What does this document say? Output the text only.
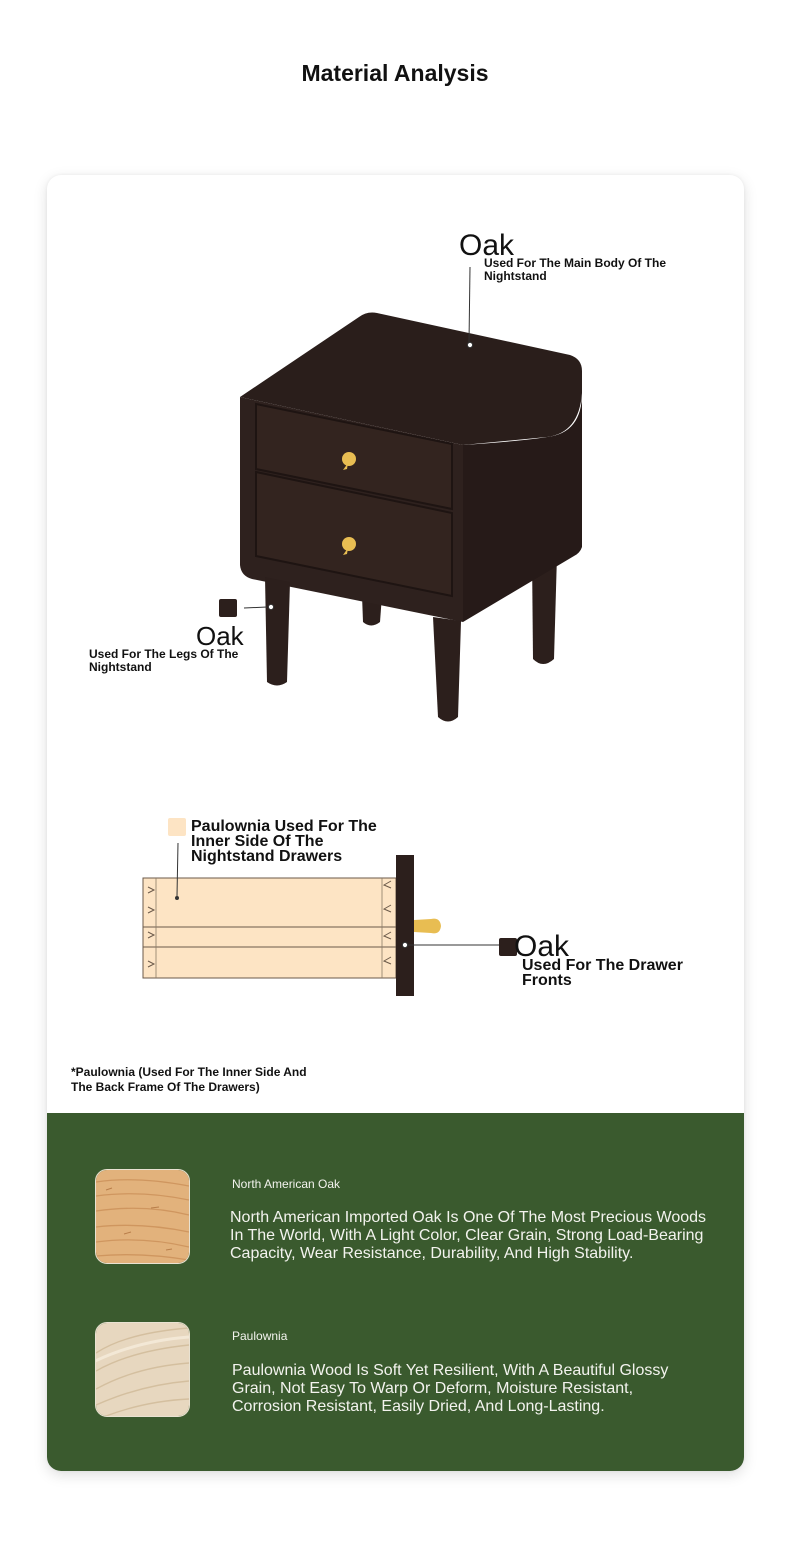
Material Analysis
Oak
Used For The Main Body Of The Nightstand
Oak
Used For The Legs Of The Nightstand
Paulownia Used For The Inner Side Of The Nightstand Drawers
Oak
Used For The Drawer Fronts
*Paulownia (Used For The Inner Side And The Back Frame Of The Drawers)
North American Oak
North American Imported Oak Is One Of The Most Precious Woods In The World, With A Light Color, Clear Grain, Strong Load-Bearing Capacity, Wear Resistance, Durability, And High Stability.
Paulownia
Paulownia Wood Is Soft Yet Resilient, With A Beautiful Glossy Grain, Not Easy To Warp Or Deform, Moisture Resistant, Corrosion Resistant, Easily Dried, And Long-Lasting.
